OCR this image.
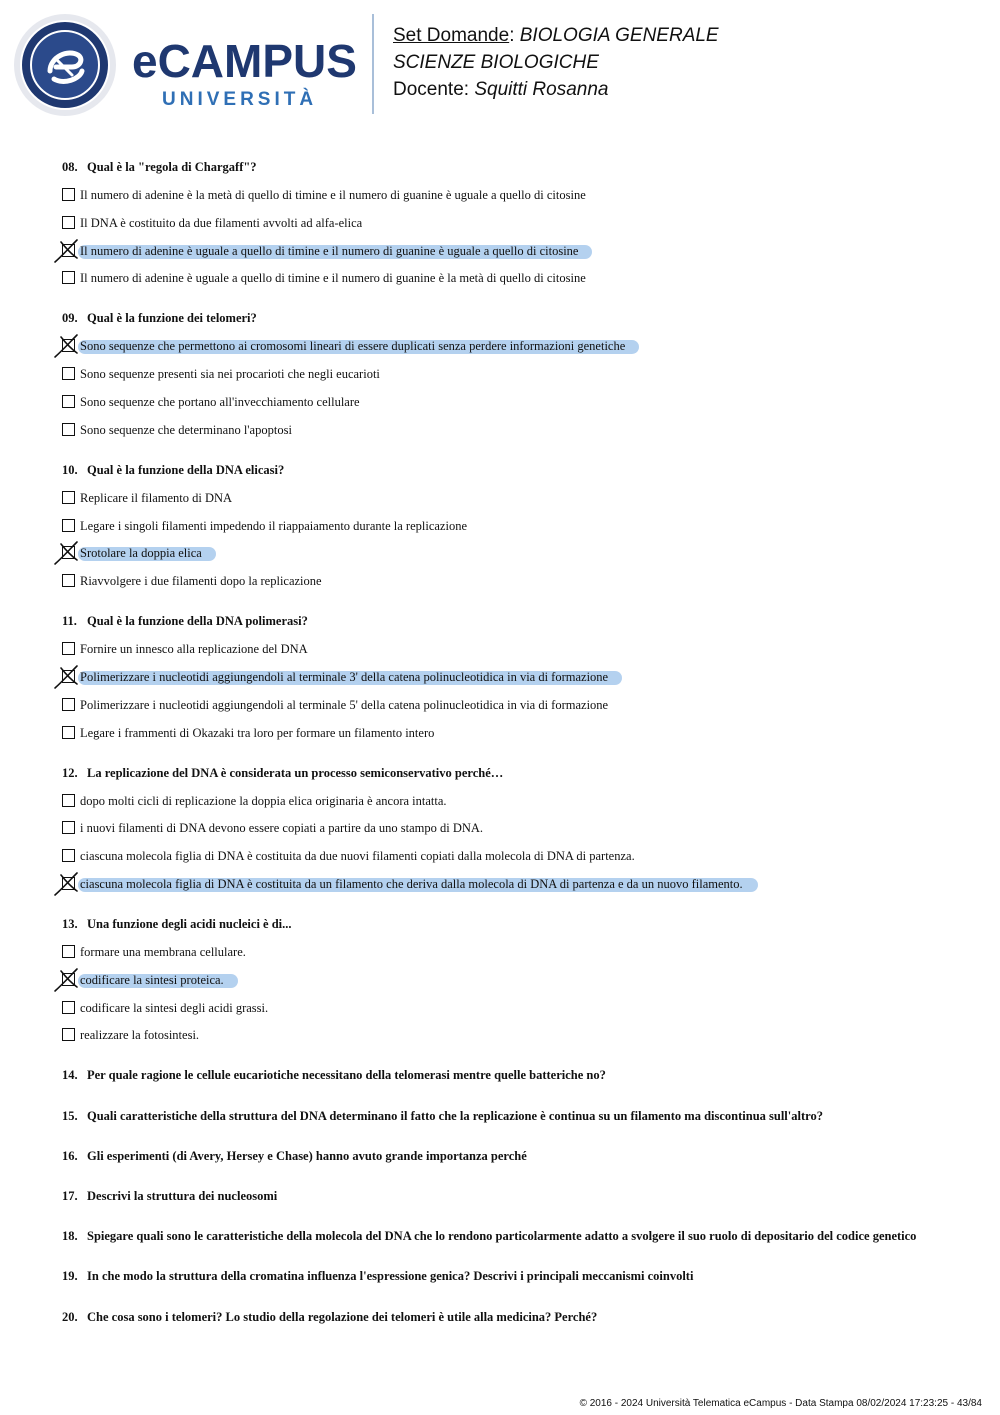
eCAMPUS
UNIVERSITÀ
Set Domande: BIOLOGIA GENERALE
SCIENZE BIOLOGICHE
Docente: Squitti Rosanna
08. Qual è la "regola di Chargaff"?
Il numero di adenine è la metà di quello di timine e il numero di guanine è uguale a quello di citosine
Il DNA è costituito da due filamenti avvolti ad alfa-elica
Il numero di adenine è uguale a quello di timine e il numero di guanine è uguale a quello di citosine
Il numero di adenine è uguale a quello di timine e il numero di guanine è la metà di quello di citosine
09. Qual è la funzione dei telomeri?
Sono sequenze che permettono ai cromosomi lineari di essere duplicati senza perdere informazioni genetiche
Sono sequenze presenti sia nei procarioti che negli eucarioti
Sono sequenze che portano all'invecchiamento cellulare
Sono sequenze che determinano l'apoptosi
10. Qual è la funzione della DNA elicasi?
Replicare il filamento di DNA
Legare i singoli filamenti impedendo il riappaiamento durante la replicazione
Srotolare la doppia elica
Riavvolgere i due filamenti dopo la replicazione
11. Qual è la funzione della DNA polimerasi?
Fornire un innesco alla replicazione del DNA
Polimerizzare i nucleotidi aggiungendoli al terminale 3' della catena polinucleotidica in via di formazione
Polimerizzare i nucleotidi aggiungendoli al terminale 5' della catena polinucleotidica in via di formazione
Legare i frammenti di Okazaki tra loro per formare un filamento intero
12. La replicazione del DNA è considerata un processo semiconservativo perché…
dopo molti cicli di replicazione la doppia elica originaria è ancora intatta.
i nuovi filamenti di DNA devono essere copiati a partire da uno stampo di DNA.
ciascuna molecola figlia di DNA è costituita da due nuovi filamenti copiati dalla molecola di DNA di partenza.
ciascuna molecola figlia di DNA è costituita da un filamento che deriva dalla molecola di DNA di partenza e da un nuovo filamento.
13. Una funzione degli acidi nucleici è di...
formare una membrana cellulare.
codificare la sintesi proteica.
codificare la sintesi degli acidi grassi.
realizzare la fotosintesi.
14. Per quale ragione le cellule eucariotiche necessitano della telomerasi mentre quelle batteriche no?
15. Quali caratteristiche della struttura del DNA determinano il fatto che la replicazione è continua su un filamento ma discontinua sull'altro?
16. Gli esperimenti (di Avery, Hersey e Chase) hanno avuto grande importanza perché
17. Descrivi la struttura dei nucleosomi
18. Spiegare quali sono le caratteristiche della molecola del DNA che lo rendono particolarmente adatto a svolgere il suo ruolo di depositario del codice genetico
19. In che modo la struttura della cromatina influenza l'espressione genica? Descrivi i principali meccanismi coinvolti
20. Che cosa sono i telomeri? Lo studio della regolazione dei telomeri è utile alla medicina? Perché?
© 2016 - 2024 Università Telematica eCampus - Data Stampa 08/02/2024 17:23:25 - 43/84
